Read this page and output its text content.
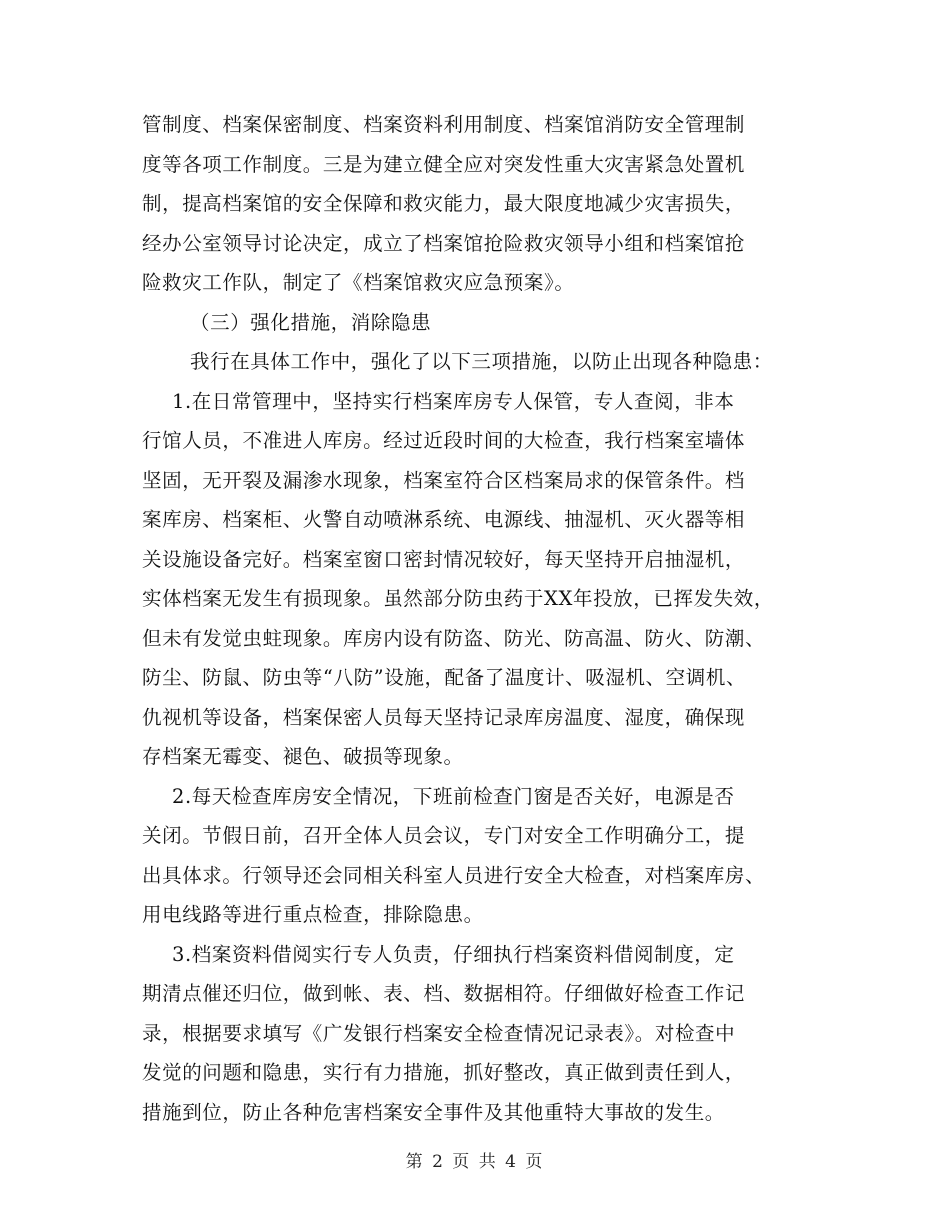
管制度、档案保密制度、档案资料利用制度、档案馆消防安全管理制
度等各项工作制度。三是为建立健全应对突发性重大灾害紧急处置机
制，提高档案馆的安全保障和救灾能力，最大限度地减少灾害损失，
经办公室领导讨论决定，成立了档案馆抢险救灾领导小组和档案馆抢
险救灾工作队，制定了《档案馆救灾应急预案》。
（三）强化措施，消除隐患
我行在具体工作中，强化了以下三项措施，以防止出现各种隐患：
1.在日常管理中，坚持实行档案库房专人保管，专人查阅，非本
行馆人员，不准进人库房。经过近段时间的大检查，我行档案室墙体
坚固，无开裂及漏渗水现象，档案室符合区档案局求的保管条件。档
案库房、档案柜、火警自动喷淋系统、电源线、抽湿机、灭火器等相
关设施设备完好。档案室窗口密封情况较好，每天坚持开启抽湿机，
实体档案无发生有损现象。虽然部分防虫药于XX年投放，已挥发失效，
但未有发觉虫蛀现象。库房内设有防盗、防光、防高温、防火、防潮、
防尘、防鼠、防虫等“八防”设施，配备了温度计、吸湿机、空调机、
仇视机等设备，档案保密人员每天坚持记录库房温度、湿度，确保现
存档案无霉变、褪色、破损等现象。
2.每天检查库房安全情况，下班前检查门窗是否关好，电源是否
关闭。节假日前，召开全体人员会议，专门对安全工作明确分工，提
出具体求。行领导还会同相关科室人员进行安全大检查，对档案库房、
用电线路等进行重点检查，排除隐患。
3.档案资料借阅实行专人负责，仔细执行档案资料借阅制度，定
期清点催还归位，做到帐、表、档、数据相符。仔细做好检查工作记
录，根据要求填写《广发银行档案安全检查情况记录表》。对检查中
发觉的问题和隐患，实行有力措施，抓好整改，真正做到责任到人，
措施到位，防止各种危害档案安全事件及其他重特大事故的发生。
第 2 页 共 4 页
